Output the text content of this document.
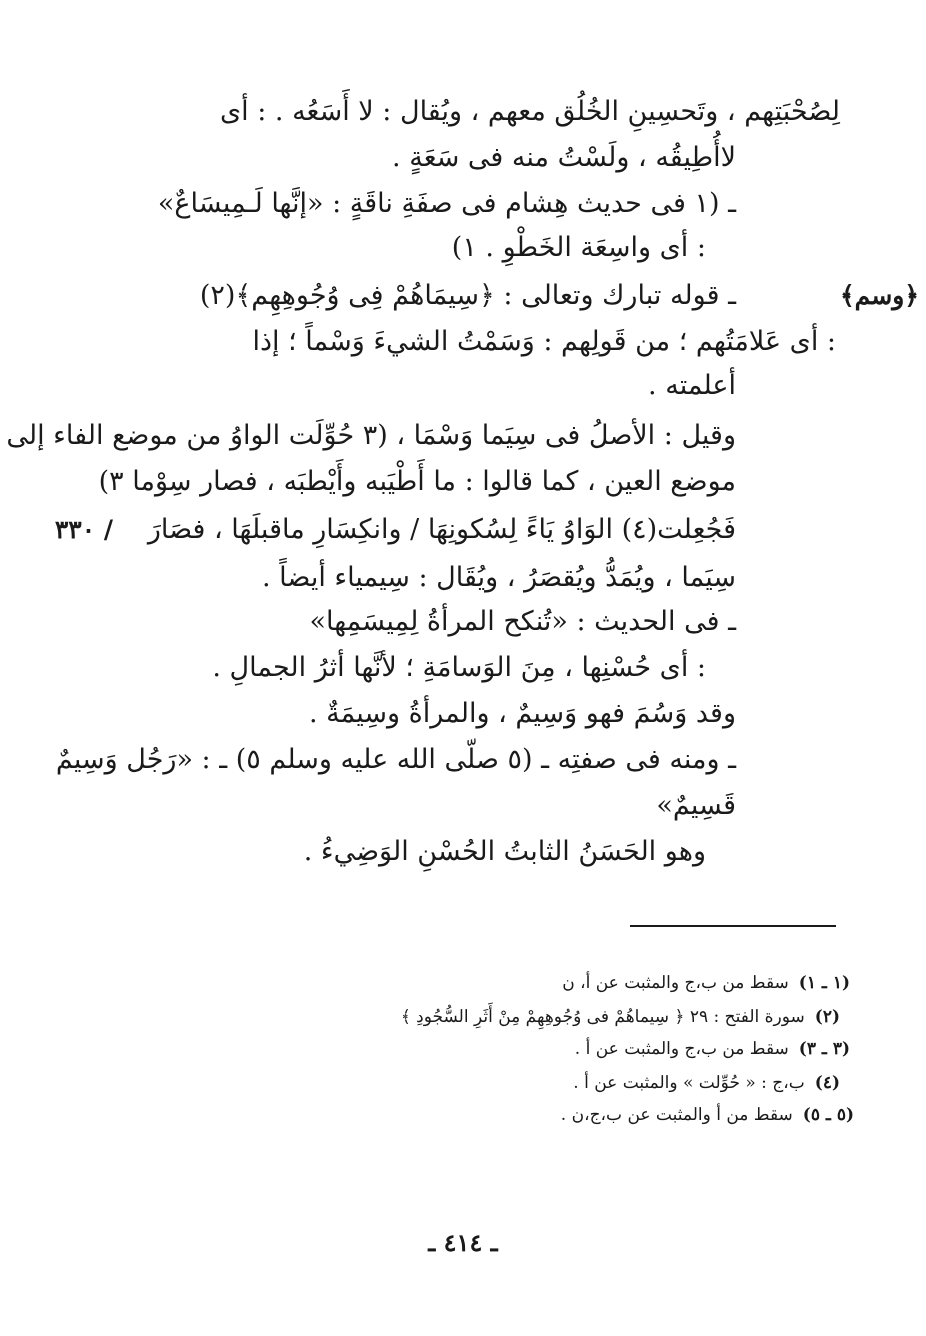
﴿وسم﴾
٣٣٠ /
لِصُحْبَتِهم ، وتَحسِينِ الخُلُق معهم ، ويُقال : لا أَسَعُه . : أى
لاأُطِيقُه ، ولَسْتُ منه فى سَعَةٍ .
ـ (١ فى حديث هِشام فى صفَةِ ناقَةٍ : «إنَّها لَـمِيسَاعٌ»
: أى واسِعَة الخَطْوِ . ١)
ـ قوله تبارك وتعالى : ﴿سِيمَاهُمْ فِى وُجُوهِهِم﴾(٢)
: أى عَلامَتُهم ؛ من قَولِهم : وَسَمْتُ الشيءَ وَسْماً ؛ إذا
أعلمته .
وقيل : الأصلُ فى سِيَما وَسْمَا ، (٣ حُوِّلَت الواوُ من موضع الفاء إلى
موضع العين ، كما قالوا : ما أَطْيَبه وأَيْطبَه ، فصار سِوْما ٣)
فَجُعِلت(٤) الوَاوُ يَاءً لِسُكونِهَا / وانكِسَارِ ماقبلَهَا ، فصَارَ
سِيَما ، ويُمَدُّ ويُقصَرُ ، ويُقَال : سِيمياء أيضاً .
ـ فى الحديث : «تُنكح المرأةُ لِمِيسَمِها»
: أى حُسْنِها ، مِنَ الوَسامَةِ ؛ لأنَّها أثرُ الجمالِ .
وقد وَسُمَ فهو وَسِيمٌ ، والمرأةُ وسِيمَةٌ .
ـ ومنه فى صفتِه ـ (٥ صلّى الله عليه وسلم ٥) ـ : «رَجُل وَسِيمٌ
قَسِيمٌ»
وهو الحَسَنُ الثابتُ الحُسْنِ الوَضِيءُ .
(١ ـ ١)سقط من ب،ج والمثبت عن أ، ن
(٢)سورة الفتح : ٢٩ ﴿ سِيماهُمْ فى وُجُوهِهِمْ مِنْ أَثَرِ السُّجُودِ ﴾
(٣ ـ ٣)سقط من ب،ج والمثبت عن أ .
(٤)ب،ج : « حُوِّلت » والمثبت عن أ .
(٥ ـ ٥)سقط من أ والمثبت عن ب،ج،ن .
ـ ٤١٤ ـ
